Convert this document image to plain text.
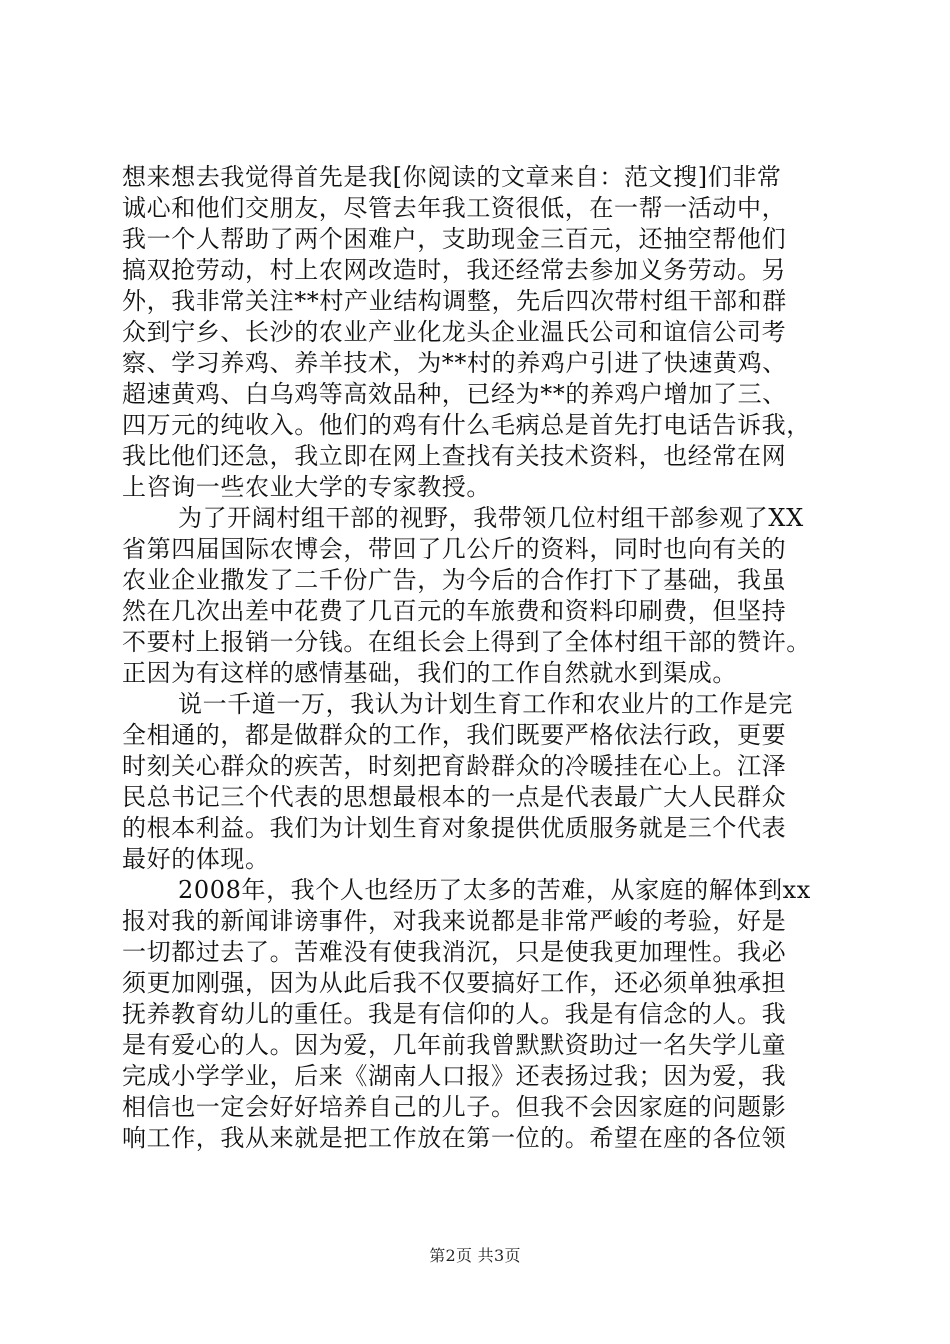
想来想去我觉得首先是我[你阅读的文章来自：范文搜]们非常
诚心和他们交朋友，尽管去年我工资很低，在一帮一活动中，
我一个人帮助了两个困难户，支助现金三百元，还抽空帮他们
搞双抢劳动，村上农网改造时，我还经常去参加义务劳动。另
外，我非常关注**村产业结构调整，先后四次带村组干部和群
众到宁乡、长沙的农业产业化龙头企业温氏公司和谊信公司考
察、学习养鸡、养羊技术，为**村的养鸡户引进了快速黄鸡、
超速黄鸡、白乌鸡等高效品种，已经为**的养鸡户增加了三、
四万元的纯收入。他们的鸡有什么毛病总是首先打电话告诉我，
我比他们还急，我立即在网上查找有关技术资料，也经常在网
上咨询一些农业大学的专家教授。
为了开阔村组干部的视野，我带领几位村组干部参观了XX
省第四届国际农博会，带回了几公斤的资料，同时也向有关的
农业企业撒发了二千份广告，为今后的合作打下了基础，我虽
然在几次出差中花费了几百元的车旅费和资料印刷费，但坚持
不要村上报销一分钱。在组长会上得到了全体村组干部的赞许。
正因为有这样的感情基础，我们的工作自然就水到渠成。
说一千道一万，我认为计划生育工作和农业片的工作是完
全相通的，都是做群众的工作，我们既要严格依法行政，更要
时刻关心群众的疾苦，时刻把育龄群众的冷暖挂在心上。江泽
民总书记三个代表的思想最根本的一点是代表最广大人民群众
的根本利益。我们为计划生育对象提供优质服务就是三个代表
最好的体现。
2008年，我个人也经历了太多的苦难，从家庭的解体到xx
报对我的新闻诽谤事件，对我来说都是非常严峻的考验，好是
一切都过去了。苦难没有使我消沉，只是使我更加理性。我必
须更加刚强，因为从此后我不仅要搞好工作，还必须单独承担
抚养教育幼儿的重任。我是有信仰的人。我是有信念的人。我
是有爱心的人。因为爱，几年前我曾默默资助过一名失学儿童
完成小学学业，后来《湖南人口报》还表扬过我；因为爱，我
相信也一定会好好培养自己的儿子。但我不会因家庭的问题影
响工作，我从来就是把工作放在第一位的。希望在座的各位领
第2页 共3页
